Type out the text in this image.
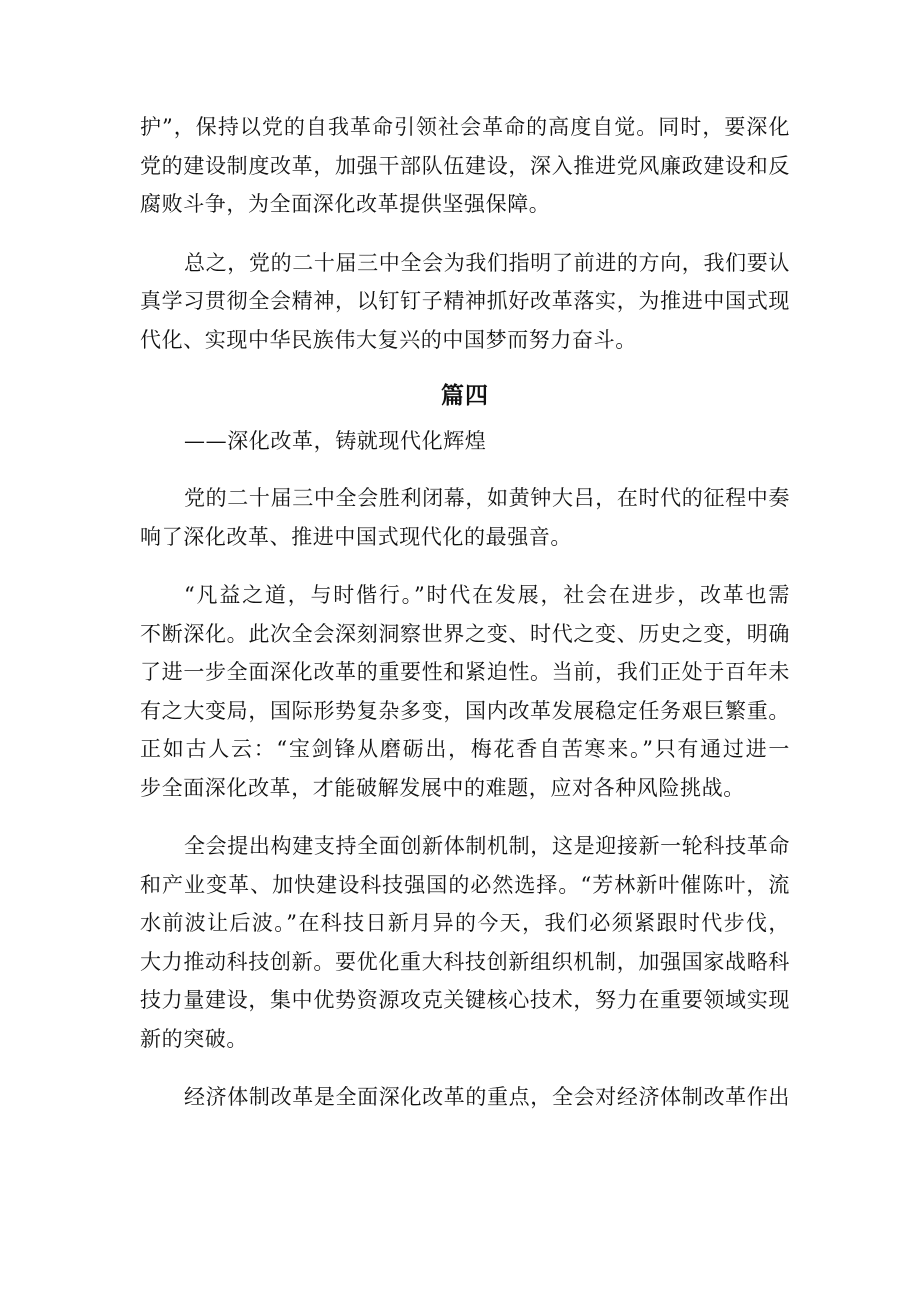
护”，保持以党的自我革命引领社会革命的高度自觉。同时，要深化
党的建设制度改革，加强干部队伍建设，深入推进党风廉政建设和反
腐败斗争，为全面深化改革提供坚强保障。

总之，党的二十届三中全会为我们指明了前进的方向，我们要认
真学习贯彻全会精神，以钉钉子精神抓好改革落实，为推进中国式现
代化、实现中华民族伟大复兴的中国梦而努力奋斗。

篇四
——深化改革，铸就现代化辉煌

党的二十届三中全会胜利闭幕，如黄钟大吕，在时代的征程中奏
响了深化改革、推进中国式现代化的最强音。

“凡益之道，与时偕行。”时代在发展，社会在进步，改革也需
不断深化。此次全会深刻洞察世界之变、时代之变、历史之变，明确
了进一步全面深化改革的重要性和紧迫性。当前，我们正处于百年未
有之大变局，国际形势复杂多变，国内改革发展稳定任务艰巨繁重。
正如古人云：“宝剑锋从磨砺出，梅花香自苦寒来。”只有通过进一
步全面深化改革，才能破解发展中的难题，应对各种风险挑战。

全会提出构建支持全面创新体制机制，这是迎接新一轮科技革命
和产业变革、加快建设科技强国的必然选择。“芳林新叶催陈叶，流
水前波让后波。”在科技日新月异的今天，我们必须紧跟时代步伐，
大力推动科技创新。要优化重大科技创新组织机制，加强国家战略科
技力量建设，集中优势资源攻克关键核心技术，努力在重要领域实现
新的突破。

经济体制改革是全面深化改革的重点，全会对经济体制改革作出
